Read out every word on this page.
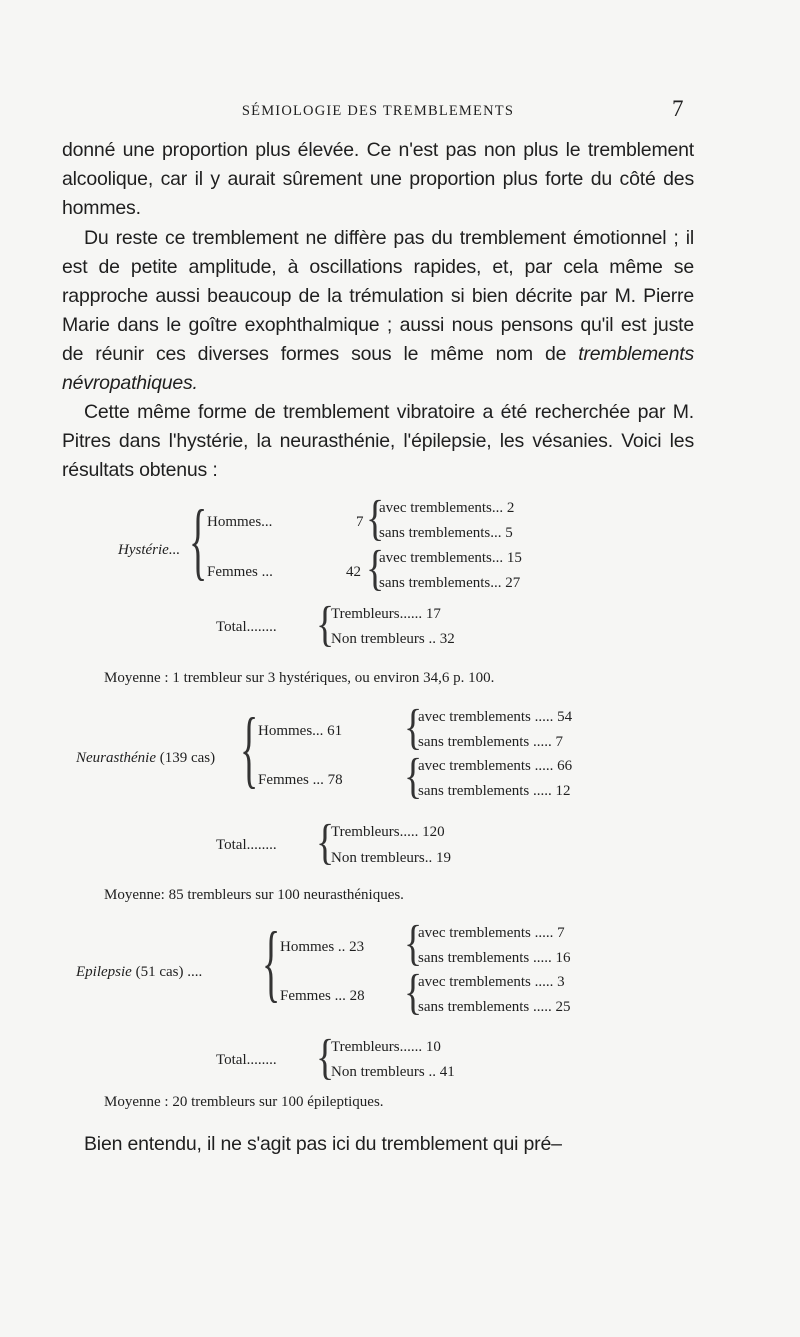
SÉMIOLOGIE DES TREMBLEMENTS	7

donné une proportion plus élevée. Ce n'est pas non plus le tremblement alcoolique, car il y aurait sûrement une proportion plus forte du côté des hommes.

Du reste ce tremblement ne diffère pas du tremblement émotionnel ; il est de petite amplitude, à oscillations rapides, et, par cela même se rapproche aussi beaucoup de la trémulation si bien décrite par M. Pierre Marie dans le goître exophthalmique ; aussi nous pensons qu'il est juste de réunir ces diverses formes sous le même nom de tremblements névropathiques.

Cette même forme de tremblement vibratoire a été recherchée par M. Pitres dans l'hystérie, la neurasthénie, l'épilepsie, les vésanies. Voici les résultats obtenus :

Hystérie... { Hommes...	7 {
avec tremblements... 2
sans tremblements... 5
Femmes ...	42 {
avec tremblements... 15
sans tremblements... 27
Total........ {
Trembleurs...... 17
Non trembleurs .. 32
Moyenne : 1 trembleur sur 3 hystériques, ou environ 34,6 p. 100.
Neurasthénie (139 cas) { Hommes... 61 {
avec tremblements ..... 54
sans tremblements ..... 7
Femmes ... 78 {
avec tremblements ..... 66
sans tremblements ..... 12
Total........ {
Trembleurs..... 120
Non trembleurs.. 19
Moyenne: 85 trembleurs sur 100 neurasthéniques.
Epilepsie (51 cas) .... { Hommes .. 23 {
avec tremblements ..... 7
sans tremblements ..... 16
Femmes ... 28 {
avec tremblements ..... 3
sans tremblements ..... 25
Total........ {
Trembleurs...... 10
Non trembleurs .. 41
Moyenne : 20 trembleurs sur 100 épileptiques.

Bien entendu, il ne s'agit pas ici du tremblement qui pré–
